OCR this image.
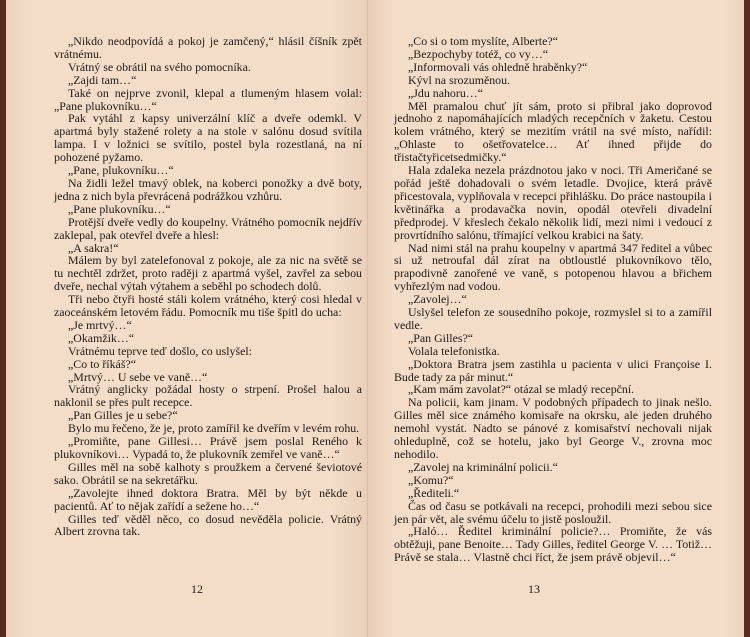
„Nikdo neodpovídá a pokoj je zamčený,“ hlásil číšník zpět vrátnému.

Vrátný se obrátil na svého pomocníka.

„Zajdi tam…“

Také on nejprve zvonil, klepal a tlumeným hlasem volal: „Pane plukovníku…“

Pak vytáhl z kapsy univerzální klíč a dveře odemkl. V apartmá byly stažené rolety a na stole v salónu dosud svítila lampa. I v ložnici se svítilo, postel byla rozestlaná, na ní pohozené pyžamo.

„Pane, plukovníku…“

Na židli ležel tmavý oblek, na koberci ponožky a dvě boty, jedna z nich byla převrácená podrážkou vzhůru.

„Pane plukovníku…“

Protější dveře vedly do koupelny. Vrátného pomocník nejdřív zaklepal, pak otevřel dveře a hlesl:

„A sakra!“

Málem by byl zatelefonoval z pokoje, ale za nic na světě se tu nechtěl zdržet, proto raději z apartmá vyšel, zavřel za sebou dveře, nechal výtah výtahem a seběhl po schodech dolů.

Tři nebo čtyři hosté stáli kolem vrátného, který cosi hledal v zaoceánském letovém řádu. Pomocník mu tiše špitl do ucha:

„Je mrtvý…“

„Okamžik…“

Vrátnému teprve teď došlo, co uslyšel:

„Co to říkáš?“

„Mrtvý… U sebe ve vaně…“

Vrátný anglicky požádal hosty o strpení. Prošel halou a naklonil se přes pult recepce.

„Pan Gilles je u sebe?“

Bylo mu řečeno, že je, proto zamířil ke dveřím v levém rohu.

„Promiňte, pane Gillesi… Právě jsem poslal Reného k plukovníkovi… Vypadá to, že plukovník zemřel ve vaně…“

Gilles měl na sobě kalhoty s proužkem a červené ševiotové sako. Obrátil se na sekretářku.

„Zavolejte ihned doktora Bratra. Měl by být někde u pacientů. Ať to nějak zařídí a sežene ho…“

Gilles teď věděl něco, co dosud nevěděla policie. Vrátný Albert zrovna tak.

12

„Co si o tom myslíte, Alberte?“

„Bezpochyby totéž, co vy…“

„Informovali vás ohledně hraběnky?“

Kývl na srozuměnou.

„Jdu nahoru…“

Měl pramalou chuť jít sám, proto si přibral jako doprovod jednoho z napomáhajících mladých recepčních v žaketu. Cestou kolem vrátného, který se mezitím vrátil na své místo, nařídil: „Ohlaste to ošetřovatelce… Ať ihned přijde do třistačtyřicetsedmičky.“

Hala zdaleka nezela prázdnotou jako v noci. Tři Američané se pořád ještě dohadovali o svém letadle. Dvojice, která právě přicestovala, vyplňovala v recepci přihlášku. Do práce nastoupila i květinářka a prodavačka novin, opodál otevřeli divadelní předprodej. V křeslech čekalo několik lidí, mezi nimi i vedoucí z provrtídního salónu, třímající velkou krabici na šaty.

Nad nimi stál na prahu koupelny v apartmá 347 ředitel a vůbec si už netroufal dál zírat na obtloustlé plukovníkovo tělo, prapodivně zanořené ve vaně, s potopenou hlavou a břichem vyhřezlým nad vodou.

„Zavolej…“

Uslyšel telefon ze sousedního pokoje, rozmyslel si to a zamířil vedle.

„Pan Gilles?“

Volala telefonistka.

„Doktora Bratra jsem zastihla u pacienta v ulici Françoise I. Bude tady za pár minut.“

„Kam mám zavolat?“ otázal se mladý recepční.

Na policii, kam jinam. V podobných případech to jinak nešlo. Gilles měl sice známého komisaře na okrsku, ale jeden druhého nemohl vystát. Nadto se pánové z komisařství nechovali nijak ohleduplně, což se hotelu, jako byl George V., zrovna moc nehodilo.

„Zavolej na kriminální policii.“

„Komu?“

„Řediteli.“

Čas od času se potkávali na recepci, prohodili mezi sebou sice jen pár vět, ale svému účelu to jistě posloužil.

„Haló… Ředitel kriminální policie?… Promiňte, že vás obtěžuji, pane Benoite… Tady Gilles, ředitel George V. … Totiž… Právě se stala… Vlastně chci říct, že jsem právě objevil…“

13
